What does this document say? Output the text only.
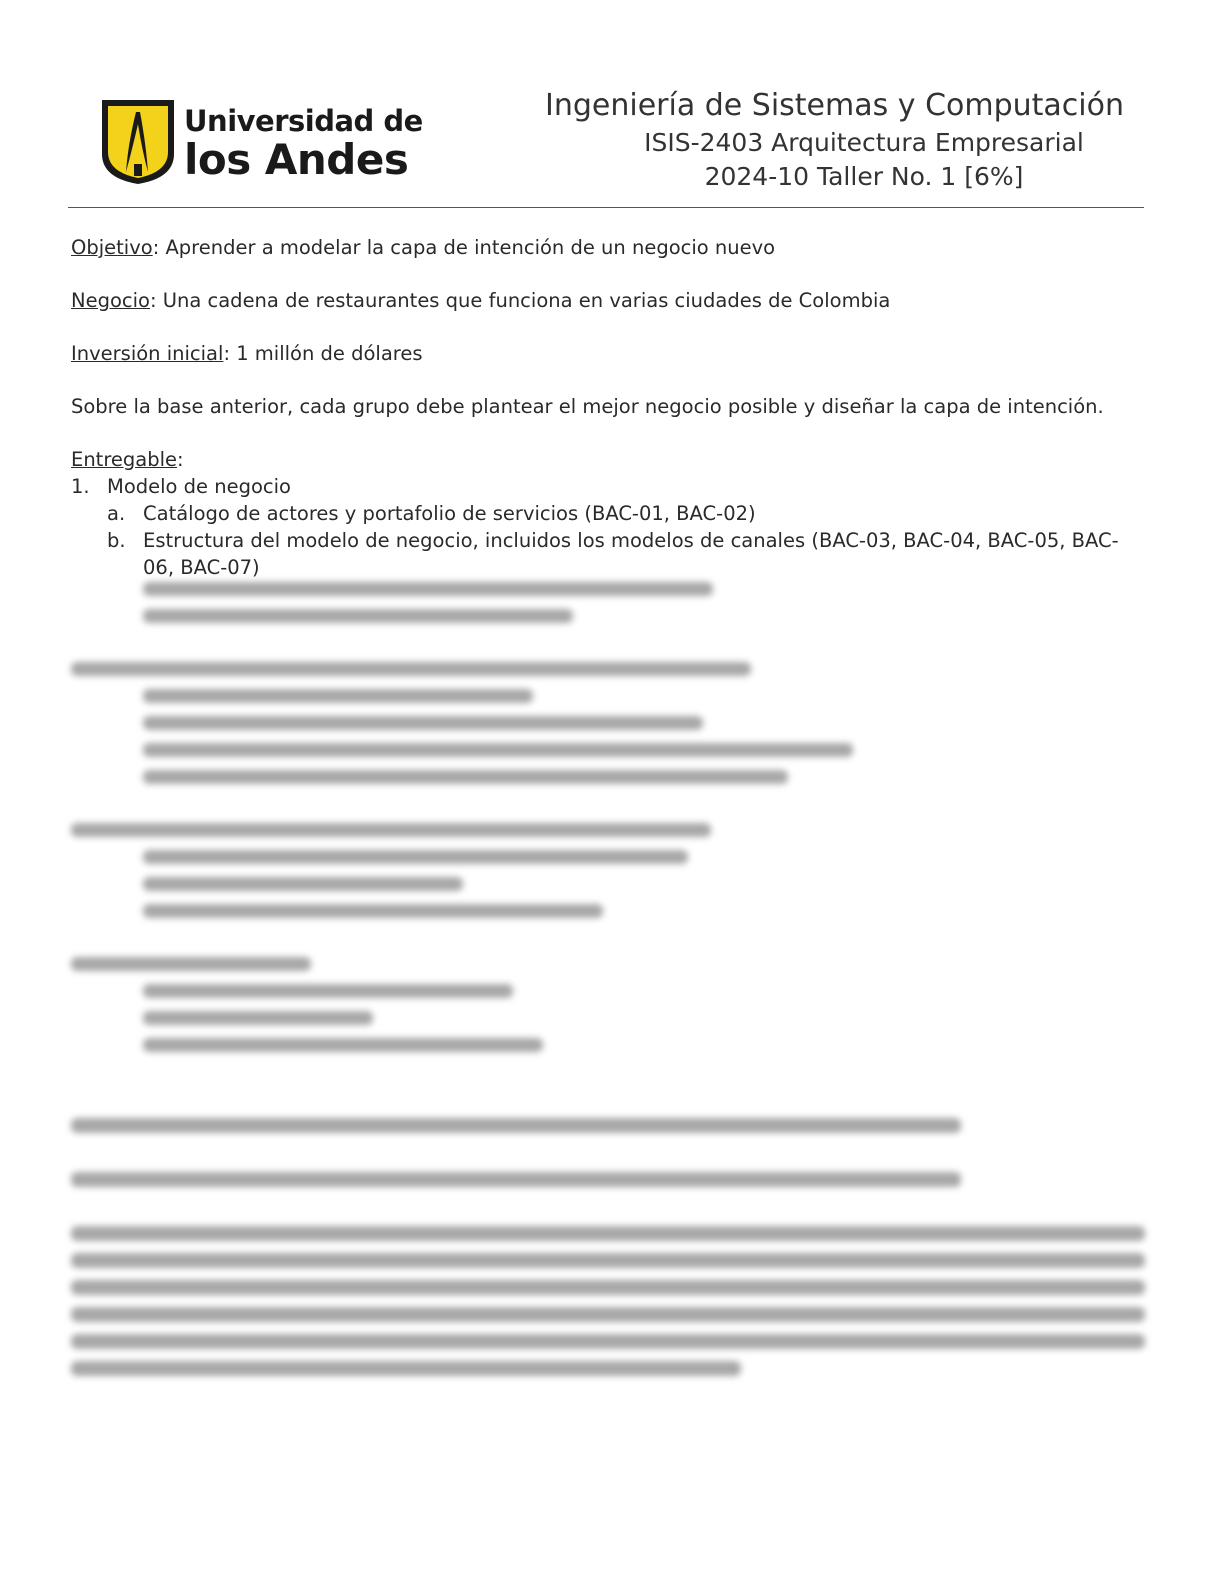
Universidad de
los Andes
Ingeniería de Sistemas y Computación
ISIS-2403 Arquitectura Empresarial
2024-10 Taller No. 1 [6%]

Objetivo: Aprender a modelar la capa de intención de un negocio nuevo

Negocio: Una cadena de restaurantes que funciona en varias ciudades de Colombia

Inversión inicial: 1 millón de dólares

Sobre la base anterior, cada grupo debe plantear el mejor negocio posible y diseñar la capa de intención.

Entregable:
1. Modelo de negocio
a. Catálogo de actores y portafolio de servicios (BAC-01, BAC-02)
b. Estructura del modelo de negocio, incluidos los modelos de canales (BAC-03, BAC-04, BAC-05, BAC-06, BAC-07)
